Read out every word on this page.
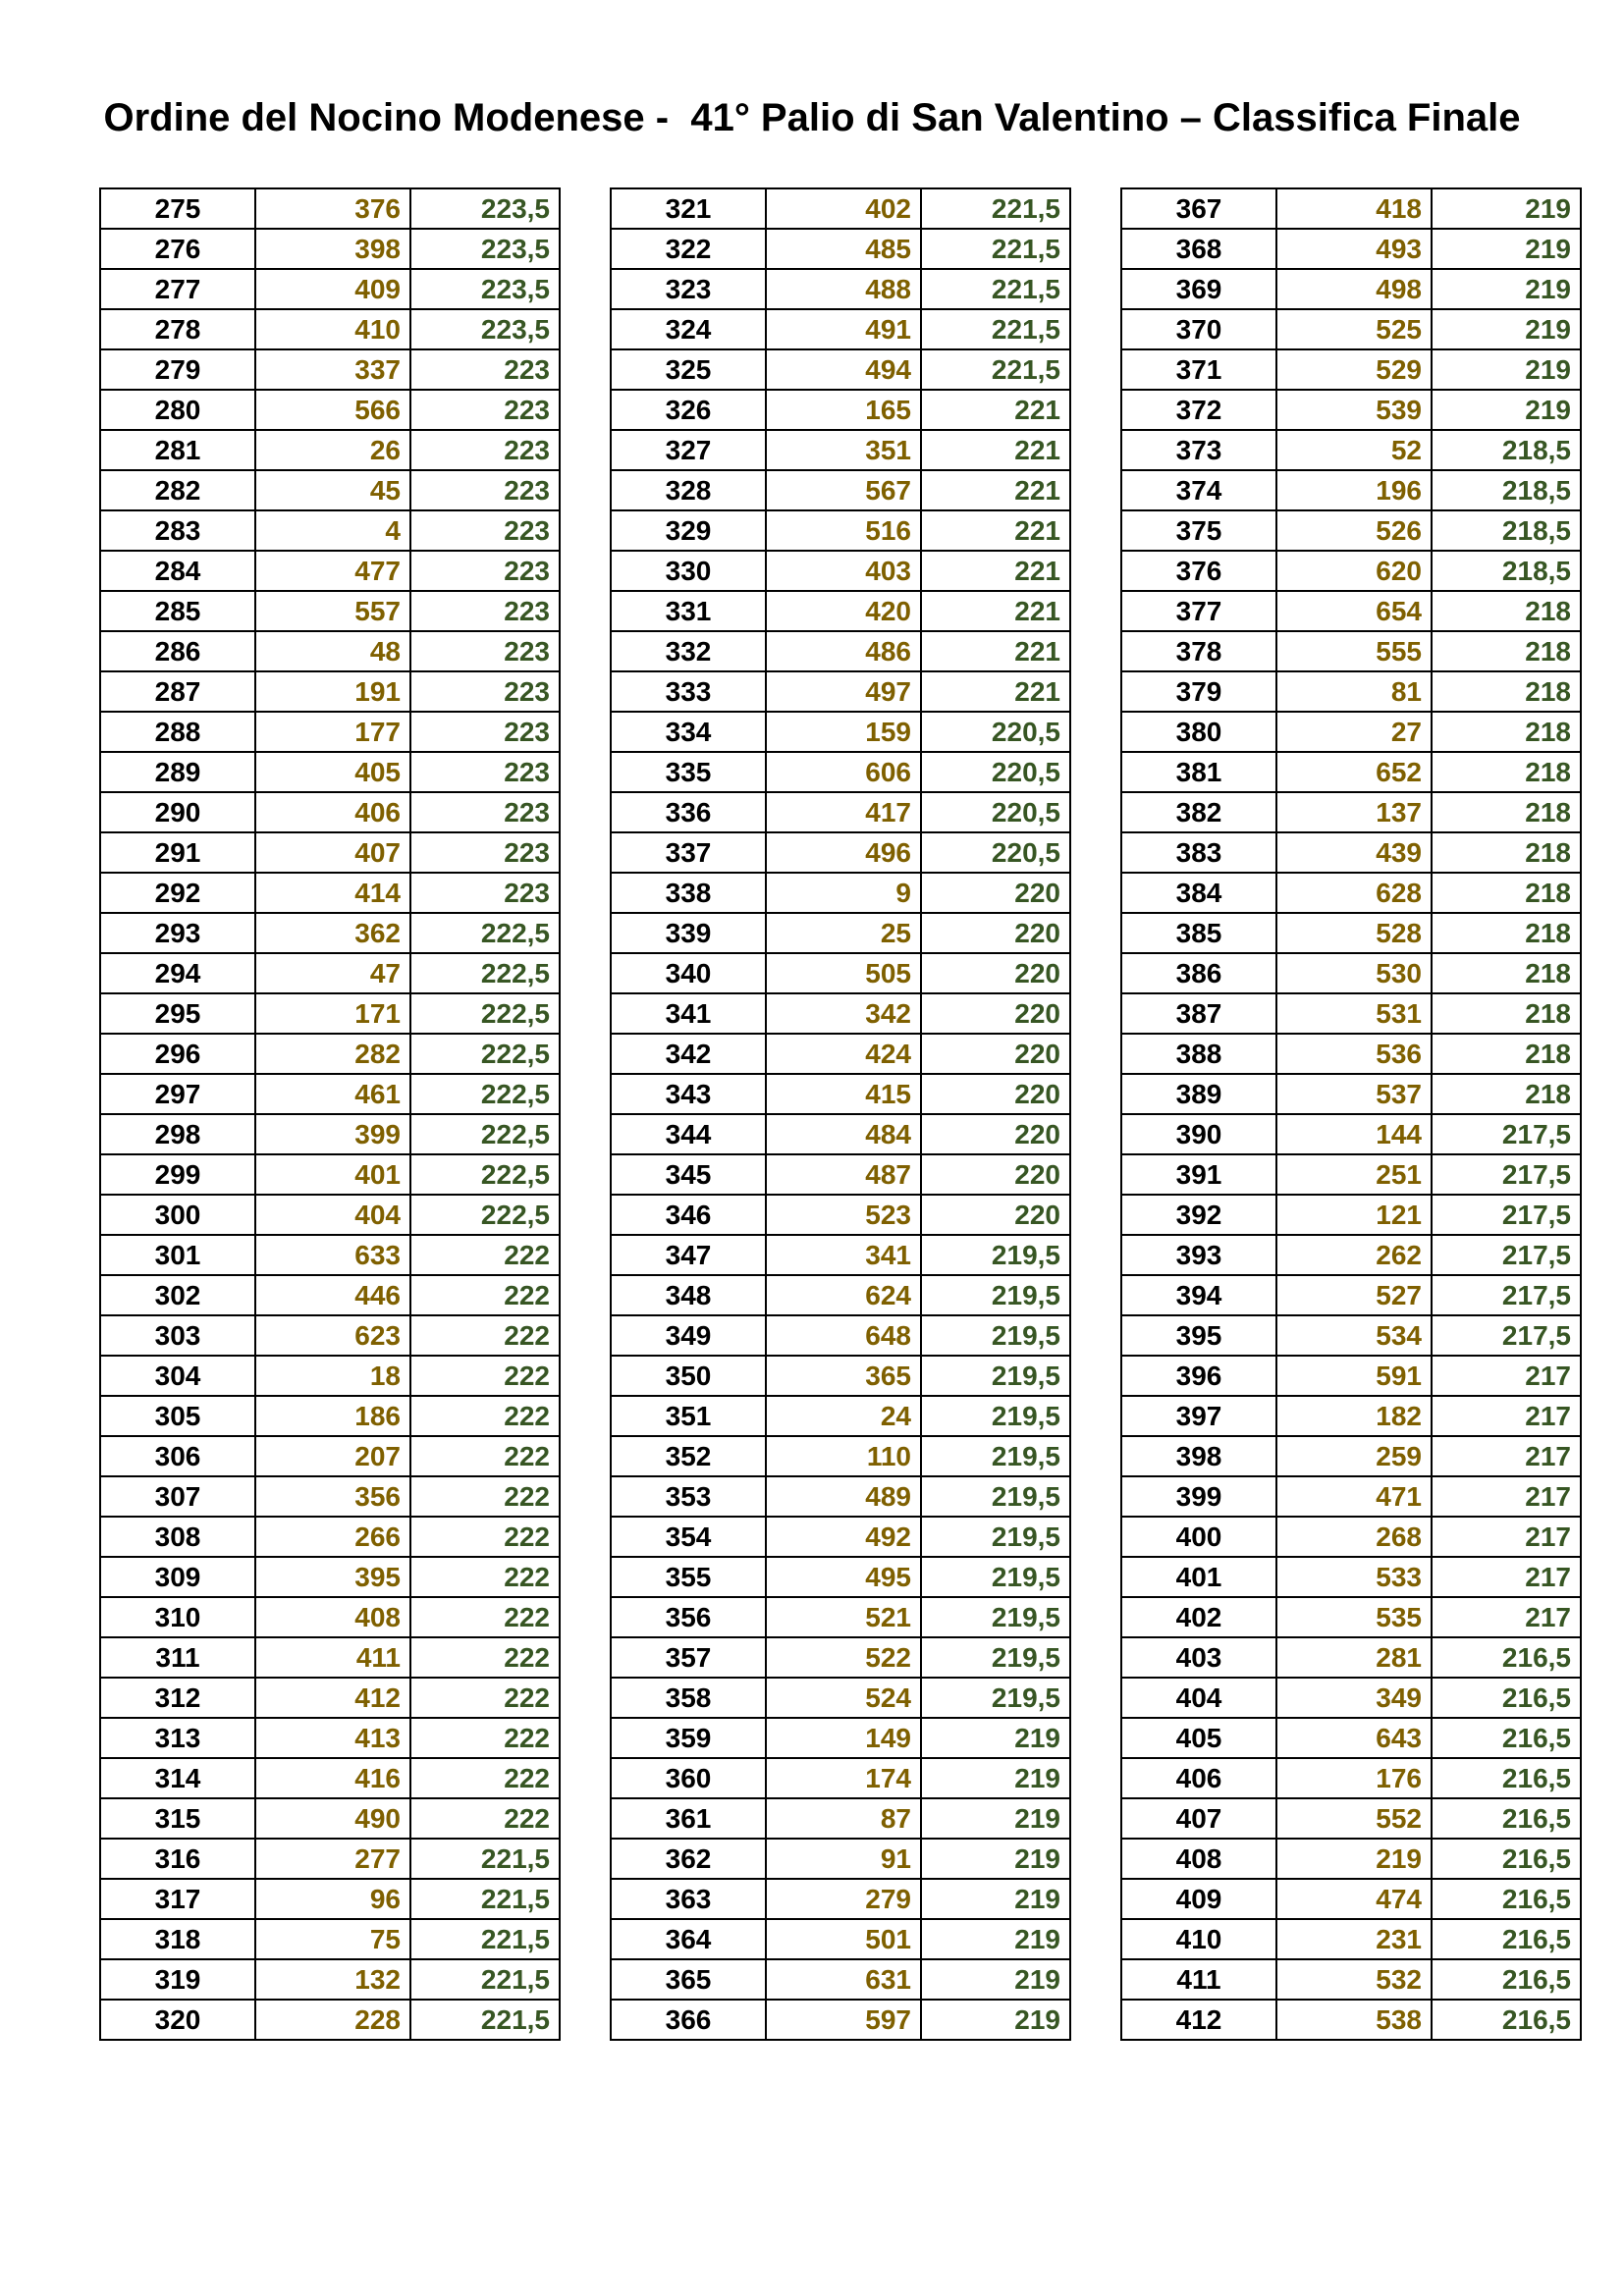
Ordine del Nocino Modenese -  41° Palio di San Valentino – Classifica Finale
275	376	223,5
276	398	223,5
277	409	223,5
278	410	223,5
279	337	223
280	566	223
281	26	223
282	45	223
283	4	223
284	477	223
285	557	223
286	48	223
287	191	223
288	177	223
289	405	223
290	406	223
291	407	223
292	414	223
293	362	222,5
294	47	222,5
295	171	222,5
296	282	222,5
297	461	222,5
298	399	222,5
299	401	222,5
300	404	222,5
301	633	222
302	446	222
303	623	222
304	18	222
305	186	222
306	207	222
307	356	222
308	266	222
309	395	222
310	408	222
311	411	222
312	412	222
313	413	222
314	416	222
315	490	222
316	277	221,5
317	96	221,5
318	75	221,5
319	132	221,5
320	228	221,5
321	402	221,5
322	485	221,5
323	488	221,5
324	491	221,5
325	494	221,5
326	165	221
327	351	221
328	567	221
329	516	221
330	403	221
331	420	221
332	486	221
333	497	221
334	159	220,5
335	606	220,5
336	417	220,5
337	496	220,5
338	9	220
339	25	220
340	505	220
341	342	220
342	424	220
343	415	220
344	484	220
345	487	220
346	523	220
347	341	219,5
348	624	219,5
349	648	219,5
350	365	219,5
351	24	219,5
352	110	219,5
353	489	219,5
354	492	219,5
355	495	219,5
356	521	219,5
357	522	219,5
358	524	219,5
359	149	219
360	174	219
361	87	219
362	91	219
363	279	219
364	501	219
365	631	219
366	597	219
367	418	219
368	493	219
369	498	219
370	525	219
371	529	219
372	539	219
373	52	218,5
374	196	218,5
375	526	218,5
376	620	218,5
377	654	218
378	555	218
379	81	218
380	27	218
381	652	218
382	137	218
383	439	218
384	628	218
385	528	218
386	530	218
387	531	218
388	536	218
389	537	218
390	144	217,5
391	251	217,5
392	121	217,5
393	262	217,5
394	527	217,5
395	534	217,5
396	591	217
397	182	217
398	259	217
399	471	217
400	268	217
401	533	217
402	535	217
403	281	216,5
404	349	216,5
405	643	216,5
406	176	216,5
407	552	216,5
408	219	216,5
409	474	216,5
410	231	216,5
411	532	216,5
412	538	216,5
